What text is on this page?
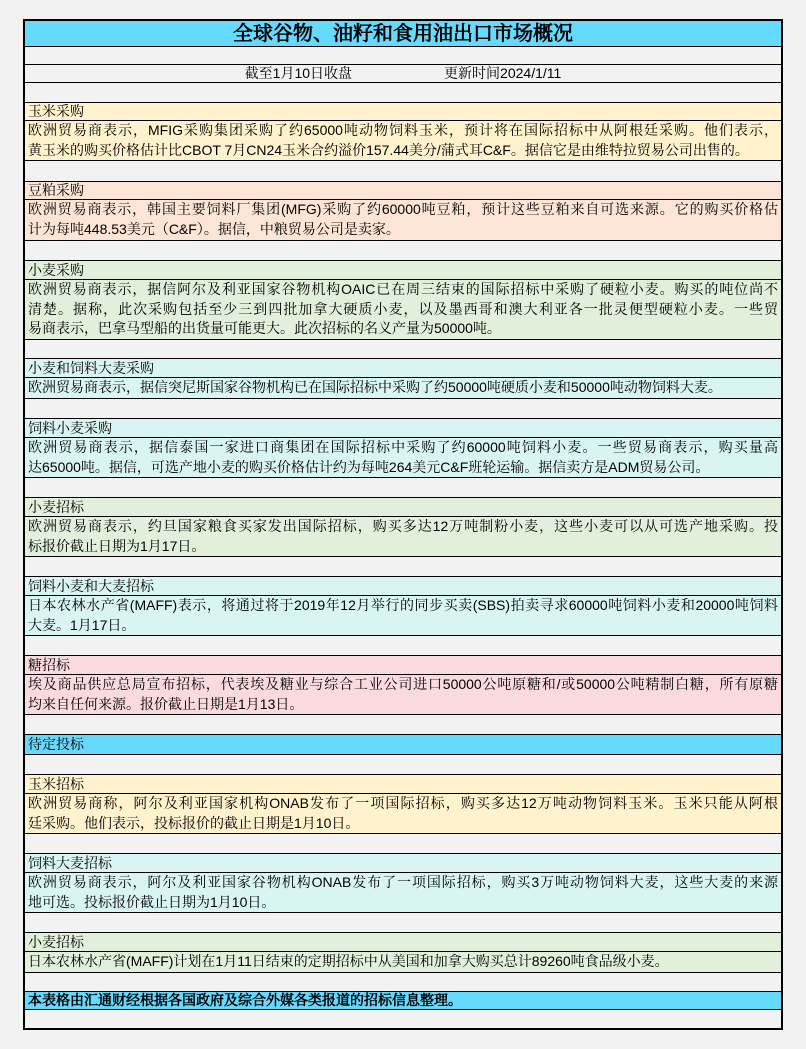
全球谷物、油籽和食用油出口市场概况
截至1月10日收盘	更新时间2024/1/11
玉米采购
欧洲贸易商表示，MFIG采购集团采购了约65000吨动物饲料玉米，预计将在国际招标中从阿根廷采购。他们表示，
黄玉米的购买价格估计比CBOT 7月CN24玉米合约溢价157.44美分/蒲式耳C&F。据信它是由维特拉贸易公司出售的。
豆粕采购
欧洲贸易商表示，韩国主要饲料厂集团(MFG)采购了约60000吨豆粕，预计这些豆粕来自可选来源。它的购买价格估
计为每吨448.53美元（C&F）。据信，中粮贸易公司是卖家。
小麦采购
欧洲贸易商表示，据信阿尔及利亚国家谷物机构OAIC已在周三结束的国际招标中采购了硬粒小麦。购买的吨位尚不
清楚。据称，此次采购包括至少三到四批加拿大硬质小麦，以及墨西哥和澳大利亚各一批灵便型硬粒小麦。一些贸
易商表示，巴拿马型船的出货量可能更大。此次招标的名义产量为50000吨。
小麦和饲料大麦采购
欧洲贸易商表示，据信突尼斯国家谷物机构已在国际招标中采购了约50000吨硬质小麦和50000吨动物饲料大麦。
饲料小麦采购
欧洲贸易商表示，据信泰国一家进口商集团在国际招标中采购了约60000吨饲料小麦。一些贸易商表示，购买量高
达65000吨。据信，可选产地小麦的购买价格估计约为每吨264美元C&F班轮运输。据信卖方是ADM贸易公司。
小麦招标
欧洲贸易商表示，约旦国家粮食买家发出国际招标，购买多达12万吨制粉小麦，这些小麦可以从可选产地采购。投
标报价截止日期为1月17日。
饲料小麦和大麦招标
日本农林水产省(MAFF)表示，将通过将于2019年12月举行的同步买卖(SBS)拍卖寻求60000吨饲料小麦和20000吨饲料
大麦。1月17日。
糖招标
埃及商品供应总局宣布招标，代表埃及糖业与综合工业公司进口50000公吨原糖和/或50000公吨精制白糖，所有原糖
均来自任何来源。报价截止日期是1月13日。
待定投标
玉米招标
欧洲贸易商称，阿尔及利亚国家机构ONAB发布了一项国际招标，购买多达12万吨动物饲料玉米。玉米只能从阿根
廷采购。他们表示，投标报价的截止日期是1月10日。
饲料大麦招标
欧洲贸易商表示，阿尔及利亚国家谷物机构ONAB发布了一项国际招标，购买3万吨动物饲料大麦，这些大麦的来源
地可选。投标报价截止日期为1月10日。
小麦招标
日本农林水产省(MAFF)计划在1月11日结束的定期招标中从美国和加拿大购买总计89260吨食品级小麦。
本表格由汇通财经根据各国政府及综合外媒各类报道的招标信息整理。
